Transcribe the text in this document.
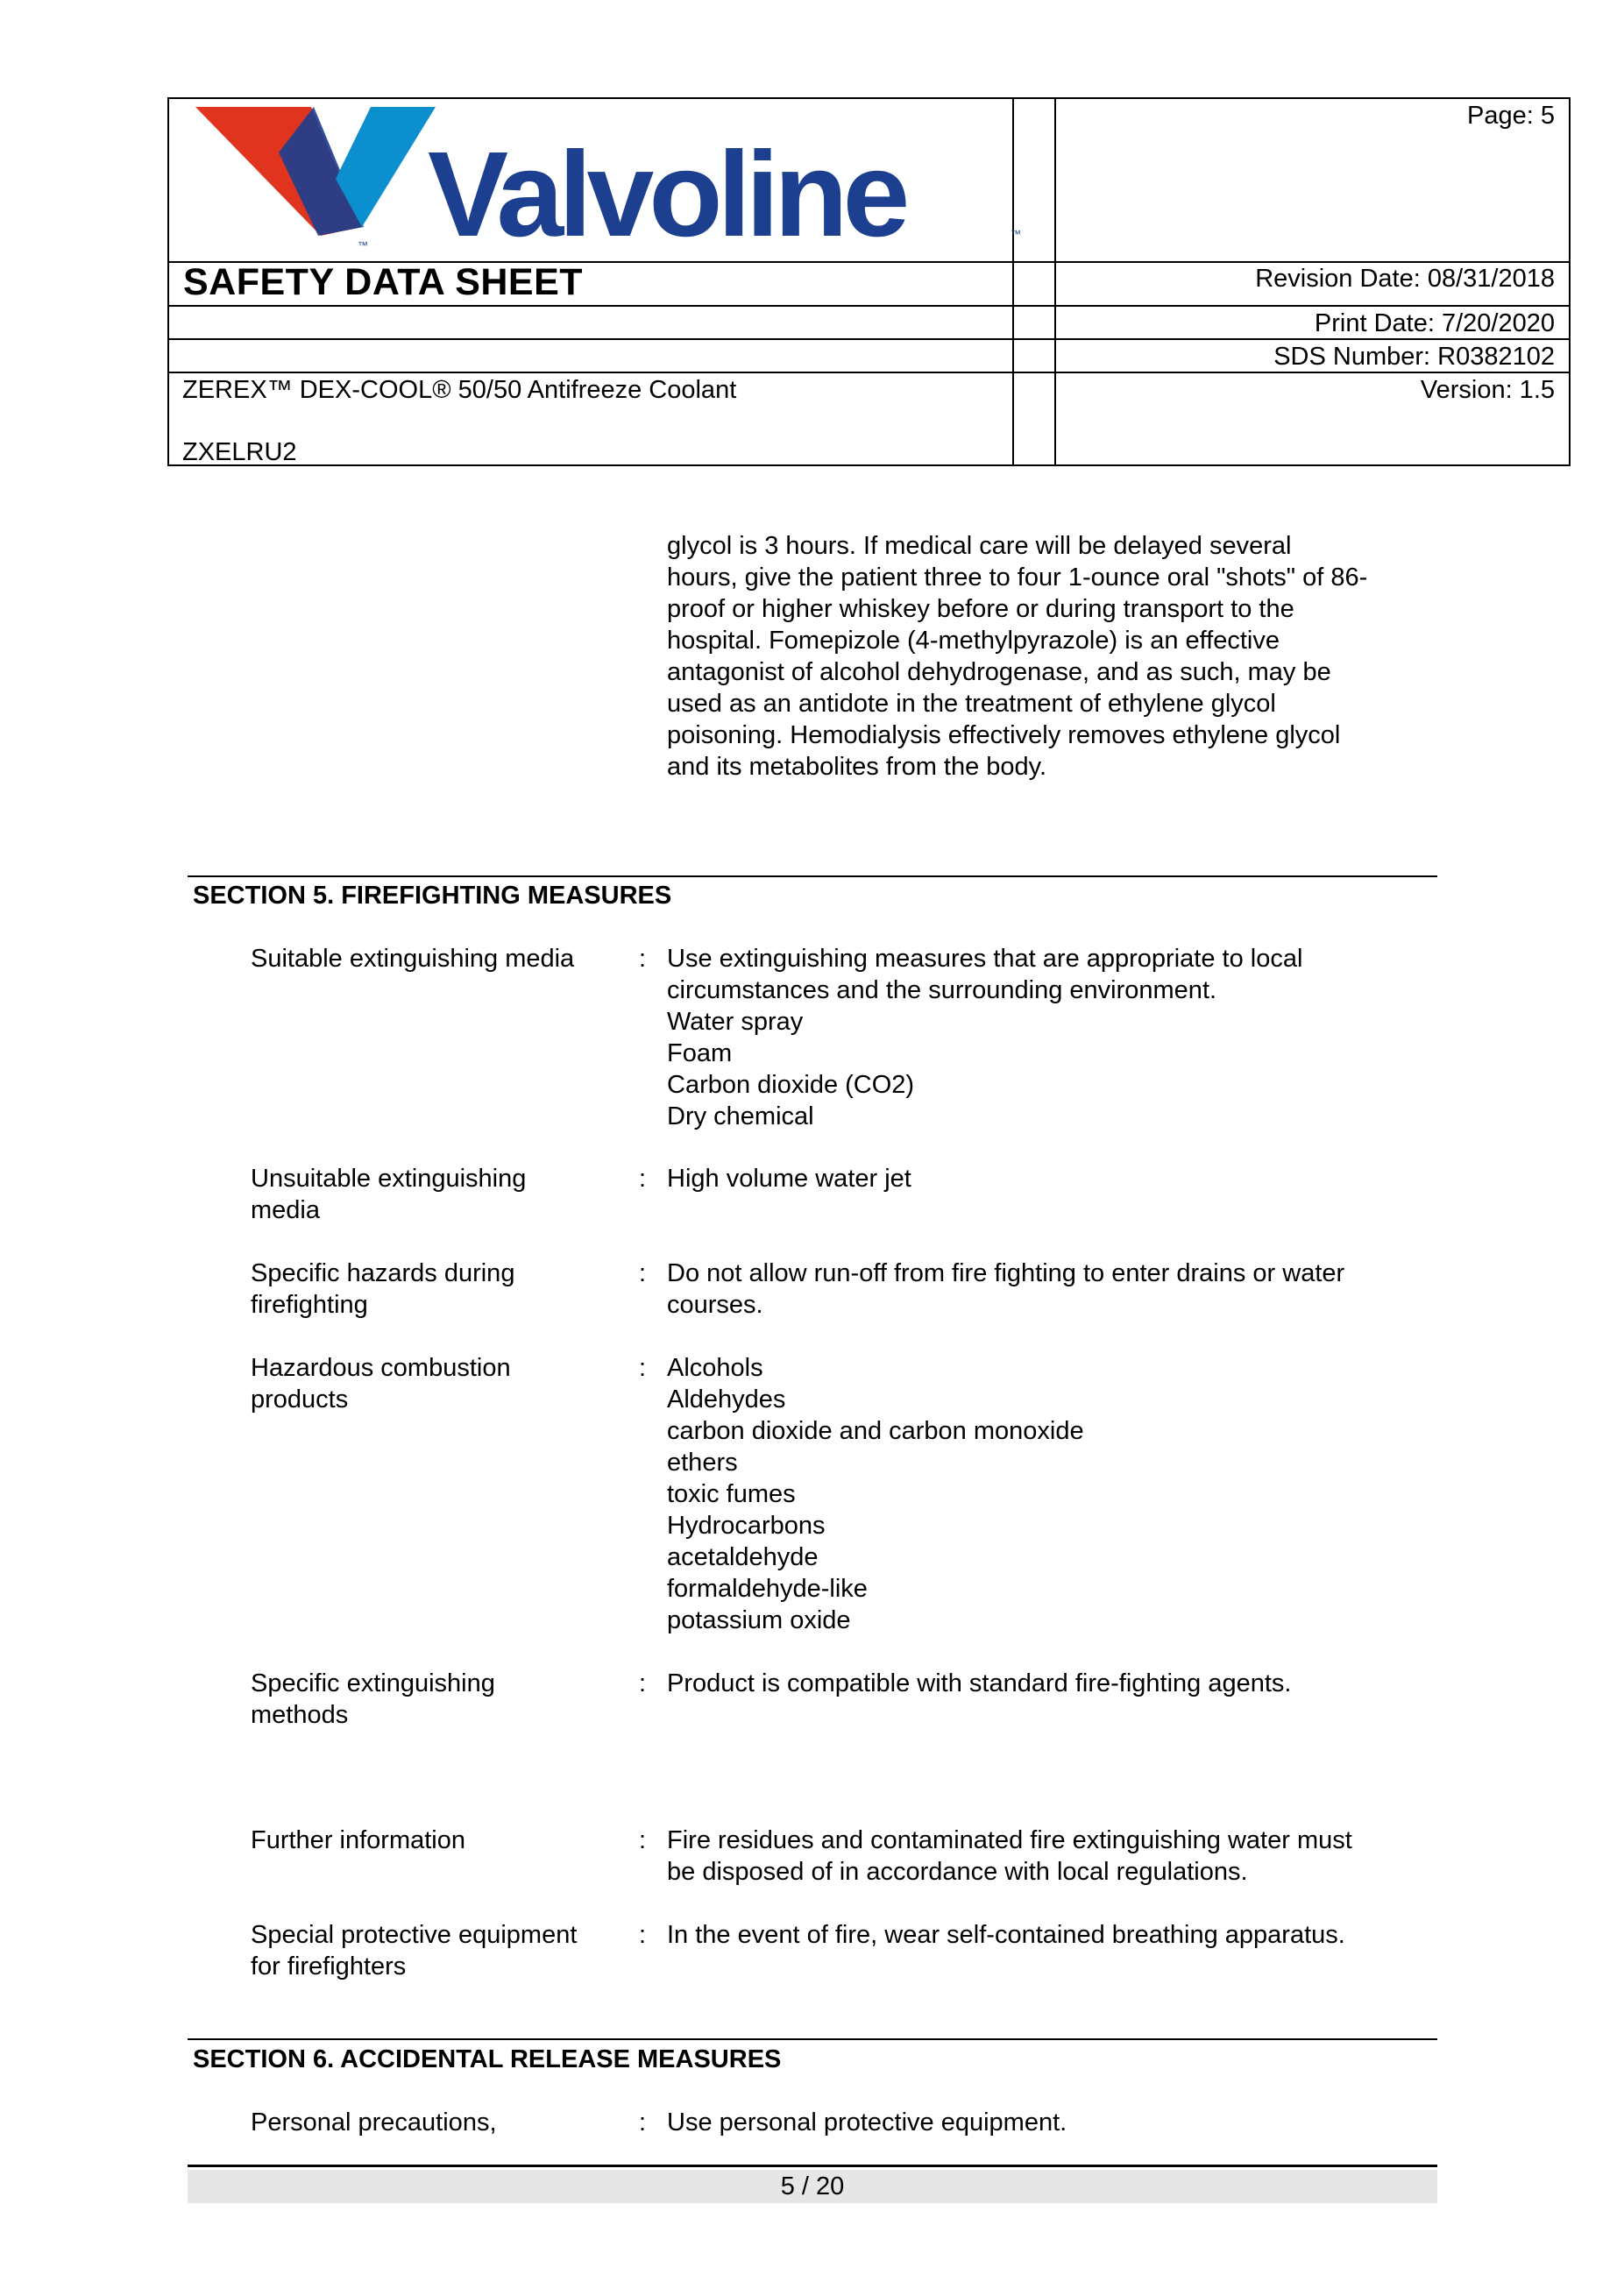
™ Valvoline	™
Page: 5
SAFETY DATA SHEET	Revision Date: 08/31/2018
Print Date: 7/20/2020
SDS Number: R0382102
Version: 1.5
ZEREX™ DEX-COOL® 50/50 Antifreeze Coolant
ZXELRU2
glycol is 3 hours. If medical care will be delayed several
hours, give the patient three to four 1-ounce oral "shots" of 86-
proof or higher whiskey before or during transport to the
hospital. Fomepizole (4-methylpyrazole) is an effective
antagonist of alcohol dehydrogenase, and as such, may be
used as an antidote in the treatment of ethylene glycol
poisoning. Hemodialysis effectively removes ethylene glycol
and its metabolites from the body.
SECTION 5. FIREFIGHTING MEASURES
Suitable extinguishing media	: Use extinguishing measures that are appropriate to local
circumstances and the surrounding environment.
Water spray
Foam
Carbon dioxide (CO2)
Dry chemical
Unsuitable extinguishing
media
: High volume water jet
Specific hazards during
firefighting
: Do not allow run-off from fire fighting to enter drains or water
courses.
Hazardous combustion
products
: Alcohols
Aldehydes
carbon dioxide and carbon monoxide
ethers
toxic fumes
Hydrocarbons
acetaldehyde
formaldehyde-like
potassium oxide
Specific extinguishing
methods
: Product is compatible with standard fire-fighting agents.
Further information	: Fire residues and contaminated fire extinguishing water must
be disposed of in accordance with local regulations.
Special protective equipment
for firefighters
: In the event of fire, wear self-contained breathing apparatus.
SECTION 6. ACCIDENTAL RELEASE MEASURES
Personal precautions,	: Use personal protective equipment.
5 / 20
